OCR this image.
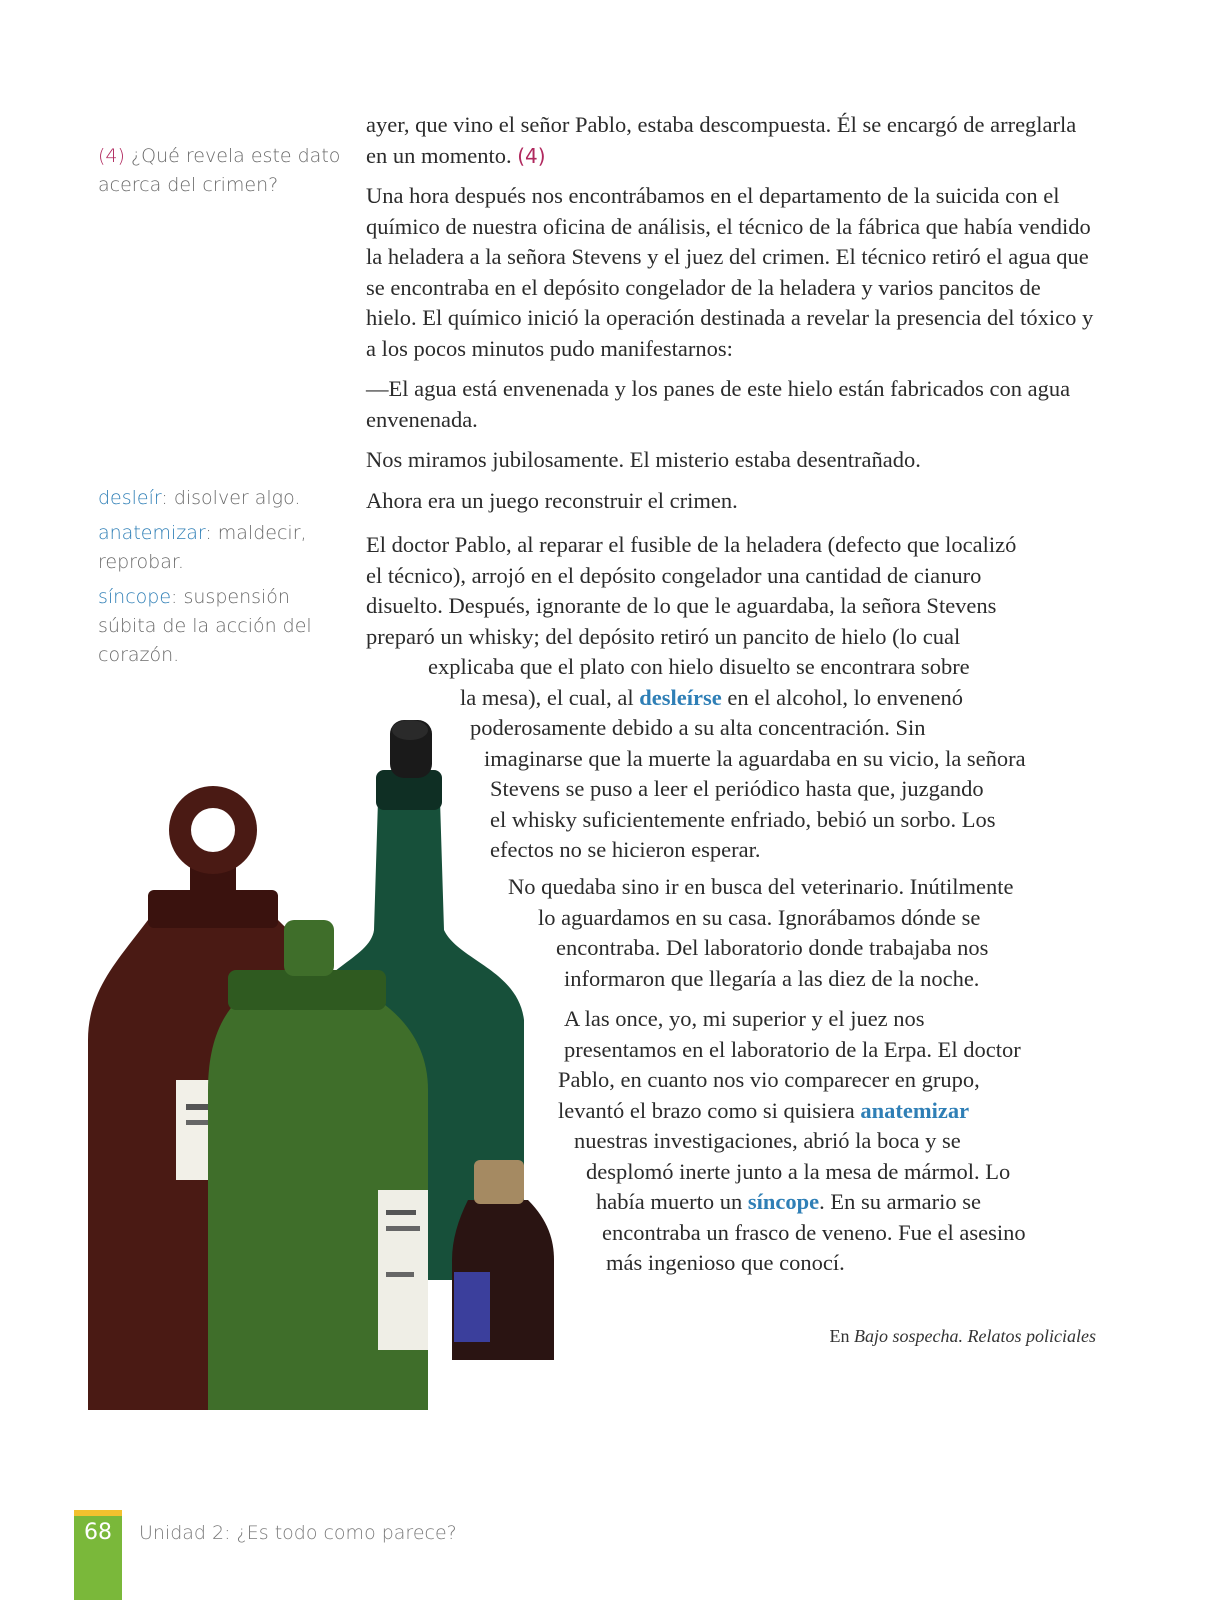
(4) ¿Qué revela este dato acerca del crimen?

desleír: disolver algo.

anatemizar: maldecir, reprobar.

síncope: suspensión súbita de la acción del corazón.

ayer, que vino el señor Pablo, estaba descompuesta. Él se encargó de arreglarla en un momento. (4)

Una hora después nos encontrábamos en el departamento de la suicida con el químico de nuestra oficina de análisis, el técnico de la fábrica que había vendido la heladera a la señora Stevens y el juez del crimen. El técnico retiró el agua que se encontraba en el depósito congelador de la heladera y varios pancitos de hielo. El químico inició la operación destinada a revelar la presencia del tóxico y a los pocos minutos pudo manifestarnos:

—El agua está envenenada y los panes de este hielo están fabricados con agua envenenada.

Nos miramos jubilosamente. El misterio estaba desentrañado.

Ahora era un juego reconstruir el crimen.

El doctor Pablo, al reparar el fusible de la heladera (defecto que localizó
el técnico), arrojó en el depósito congelador una cantidad de cianuro
disuelto. Después, ignorante de lo que le aguardaba, la señora Stevens
preparó un whisky; del depósito retiró un pancito de hielo (lo cual
explicaba que el plato con hielo disuelto se encontrara sobre
la mesa), el cual, al desleírse en el alcohol, lo envenenó
poderosamente debido a su alta concentración. Sin
imaginarse que la muerte la aguardaba en su vicio, la señora
Stevens se puso a leer el periódico hasta que, juzgando
el whisky suficientemente enfriado, bebió un sorbo. Los
efectos no se hicieron esperar.
No quedaba sino ir en busca del veterinario. Inútilmente
lo aguardamos en su casa. Ignorábamos dónde se
encontraba. Del laboratorio donde trabajaba nos
informaron que llegaría a las diez de la noche.
A las once, yo, mi superior y el juez nos
presentamos en el laboratorio de la Erpa. El doctor
Pablo, en cuanto nos vio comparecer en grupo,
levantó el brazo como si quisiera anatemizar
nuestras investigaciones, abrió la boca y se
desplomó inerte junto a la mesa de mármol. Lo
había muerto un síncope. En su armario se
encontraba un frasco de veneno. Fue el asesino
más ingenioso que conocí.
En Bajo sospecha. Relatos policiales
68	Unidad 2: ¿Es todo como parece?
